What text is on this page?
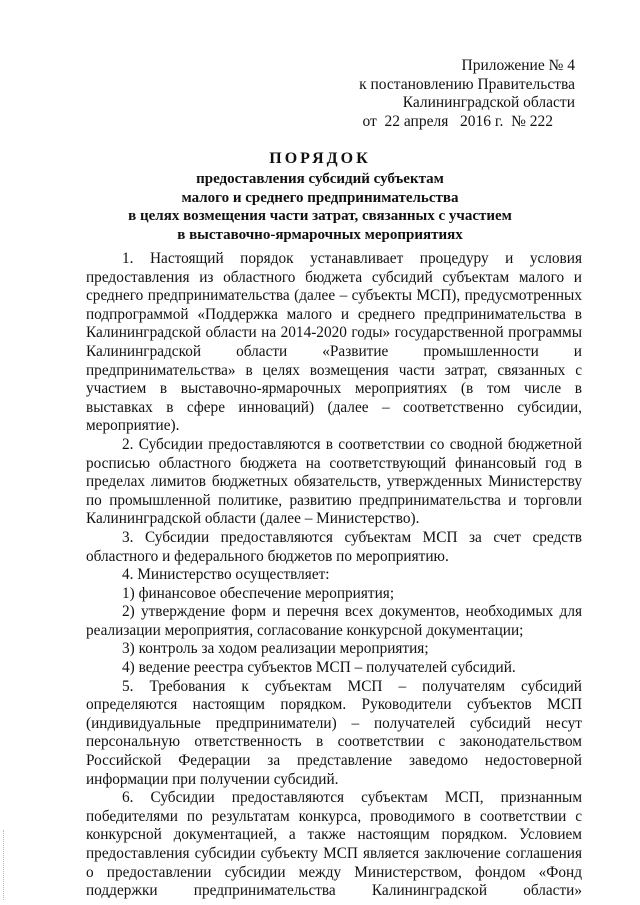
Приложение № 4
к постановлению Правительства
Калининградской области
от  22 апреля   2016 г.  № 222
ПОРЯДОК
предоставления субсидий субъектам
малого и среднего предпринимательства
в целях возмещения части затрат, связанных с участием
в выставочно-ярмарочных мероприятиях

1. Настоящий порядок устанавливает процедуру и условия предоставления из областного бюджета субсидий субъектам малого и среднего предпринимательства (далее – субъекты МСП), предусмотренных подпрограммой «Поддержка малого и среднего предпринимательства в Калининградской области на 2014-2020 годы» государственной программы Калининградской области «Развитие промышленности и предпринимательства» в целях возмещения части затрат, связанных с участием в выставочно-ярмарочных мероприятиях (в том числе в выставках в сфере инноваций) (далее – соответственно субсидии, мероприятие).

2. Субсидии предоставляются в соответствии со сводной бюджетной росписью областного бюджета на соответствующий финансовый год в пределах лимитов бюджетных обязательств, утвержденных Министерству по промышленной политике, развитию предпринимательства и торговли Калининградской области (далее – Министерство).

3. Субсидии предоставляются субъектам МСП за счет средств областного и федерального бюджетов по мероприятию.

4. Министерство осуществляет:

1) финансовое обеспечение мероприятия;

2) утверждение форм и перечня всех документов, необходимых для реализации мероприятия, согласование конкурсной документации;

3) контроль за ходом реализации мероприятия;

4) ведение реестра субъектов МСП – получателей субсидий.

5. Требования к субъектам МСП – получателям субсидий определяются настоящим порядком. Руководители субъектов МСП (индивидуальные предприниматели) – получателей субсидий несут персональную ответственность в соответствии с законодательством Российской Федерации за представление заведомо недостоверной информации при получении субсидий.

6. Субсидии предоставляются субъектам МСП, признанным победителями по результатам конкурса, проводимого в соответствии с конкурсной документацией, а также настоящим порядком. Условием предоставления субсидии субъекту МСП является заключение соглашения о предоставлении субсидии между Министерством, фондом «Фонд поддержки предпринимательства Калининградской области»
